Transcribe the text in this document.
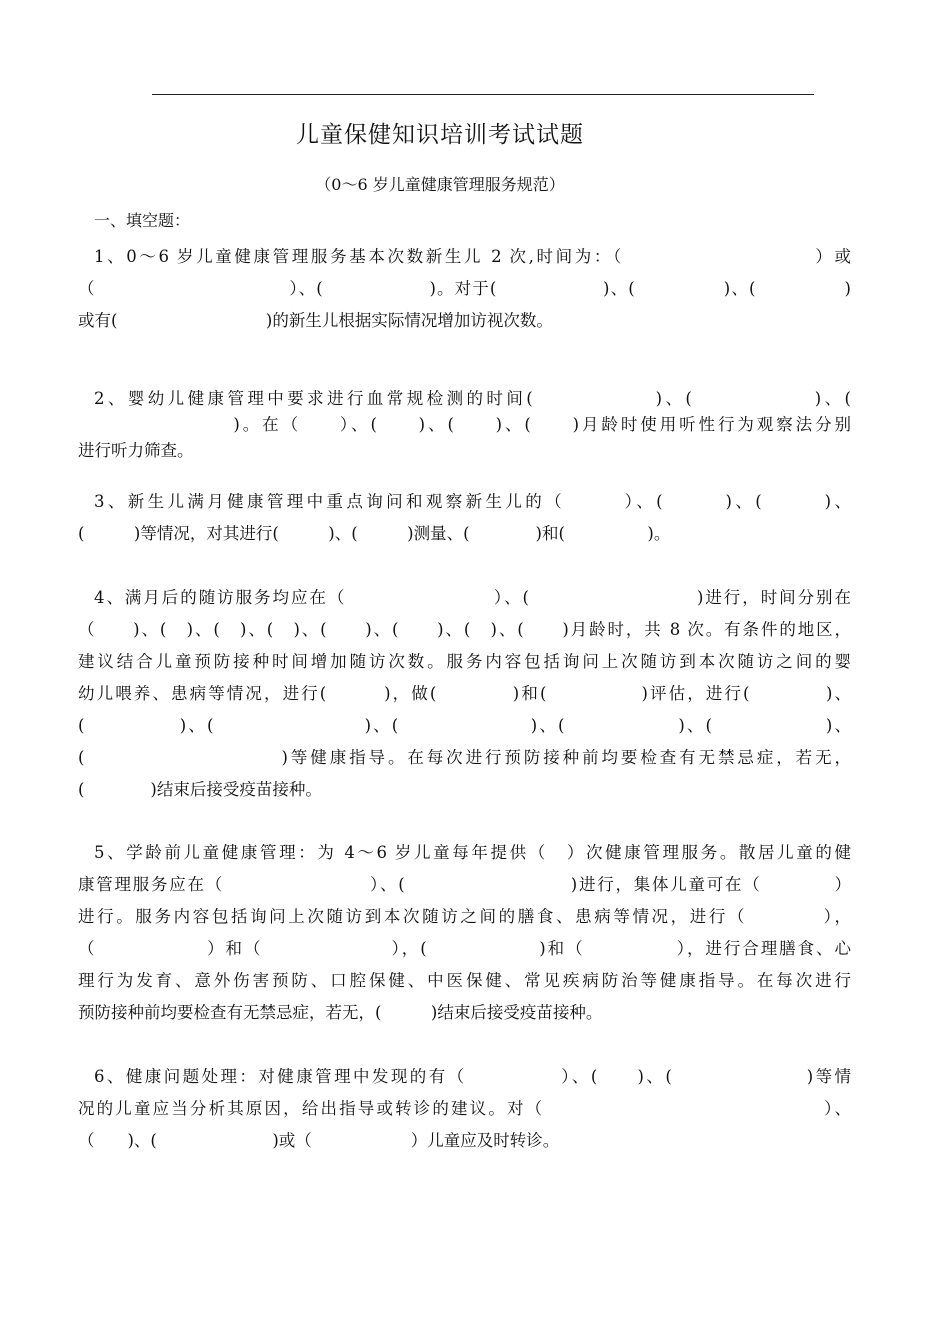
儿童保健知识培训考试试题
（0～6 岁儿童健康管理服务规范）
一、填空题：
1、0～6 岁儿童健康管理服务基本次数新生儿 2 次,时间为：（　　　　　　　　　　）或
（　　　　　　　　　　　）、(　　　　　　)。对于(　　　　　　)、(　　　　　)、(　　　　　)
或有(　　　　　　　　　)的新生儿根据实际情况增加访视次数。
2、婴幼儿健康管理中要求进行血常规检测的时间(　　　　　　)、(　　　　　　)、(
　　　　　　　　)。在（　　）、(　　)、(　　)、(　　)月龄时使用听性行为观察法分别
进行听力筛查。
3、新生儿满月健康管理中重点询问和观察新生儿的（　　　）、(　　　)、(　　　)、
(　　　)等情况，对其进行(　　　)、(　　　)测量、(　　　　)和(　　　　　)。
4、满月后的随访服务均应在（　　　　　　　　）、(　　　　　　　　　)进行，时间分别在
（　　)、(　)、(　)、(　)、(　　)、(　　)、(　)、(　　)月龄时，共 8 次。有条件的地区，
建议结合儿童预防接种时间增加随访次数。服务内容包括询问上次随访到本次随访之间的婴
幼儿喂养、患病等情况，进行(　　　)，做(　　　　)和(　　　　　)评估，进行(　　　　)、
(　　　　　)、(　　　　　　　　)、(　　　　　　　)、(　　　　　　)、(　　　　　　)、
(　　　　　　　　　　)等健康指导。在每次进行预防接种前均要检查有无禁忌症，若无，
(　　　　)结束后接受疫苗接种。
5、学龄前儿童健康管理：为 4～6 岁儿童每年提供（　）次健康管理服务。散居儿童的健
康管理服务应在（　　　　　　　　）、(　　　　　　　　　)进行，集体儿童可在（　　　　）
进行。服务内容包括询问上次随访到本次随访之间的膳食、患病等情况，进行（　　　　），
（　　　　　　）和（　　　　　　　），(　　　　　　)和（　　　　　），进行合理膳食、心
理行为发育、意外伤害预防、口腔保健、中医保健、常见疾病防治等健康指导。在每次进行
预防接种前均要检查有无禁忌症，若无，(　　　)结束后接受疫苗接种。
6、健康问题处理：对健康管理中发现的有（　　　　　）、(　　)、(　　　　　　　)等情
况的儿童应当分析其原因，给出指导或转诊的建议。对（　　　　　　　　　　　　　　　）、
（　　)、(　　　　　　　)或（　　　　　　）儿童应及时转诊。
